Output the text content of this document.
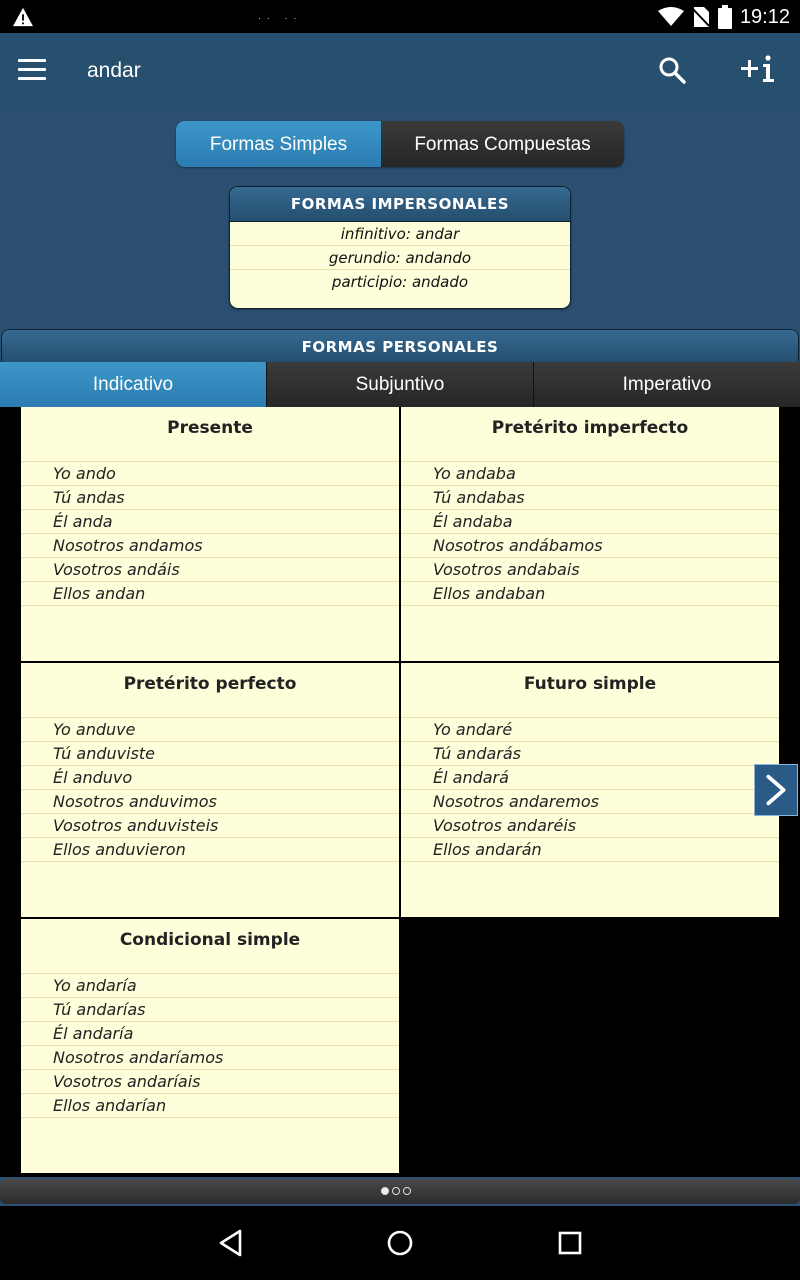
.. ..	19:12
andar
Formas Simples	Formas Compuestas
FORMAS IMPERSONALES
infinitivo: andar
gerundio: andando
participio: andado
FORMAS PERSONALES
Indicativo	Subjuntivo	Imperativo
Presente
Yo ando
Tú andas
Él anda
Nosotros andamos
Vosotros andáis
Ellos andan
Pretérito imperfecto
Yo andaba
Tú andabas
Él andaba
Nosotros andábamos
Vosotros andabais
Ellos andaban
Pretérito perfecto
Yo anduve
Tú anduviste
Él anduvo
Nosotros anduvimos
Vosotros anduvisteis
Ellos anduvieron
Futuro simple
Yo andaré
Tú andarás
Él andará
Nosotros andaremos
Vosotros andaréis
Ellos andarán
Condicional simple
Yo andaría
Tú andarías
Él andaría
Nosotros andaríamos
Vosotros andaríais
Ellos andarían
